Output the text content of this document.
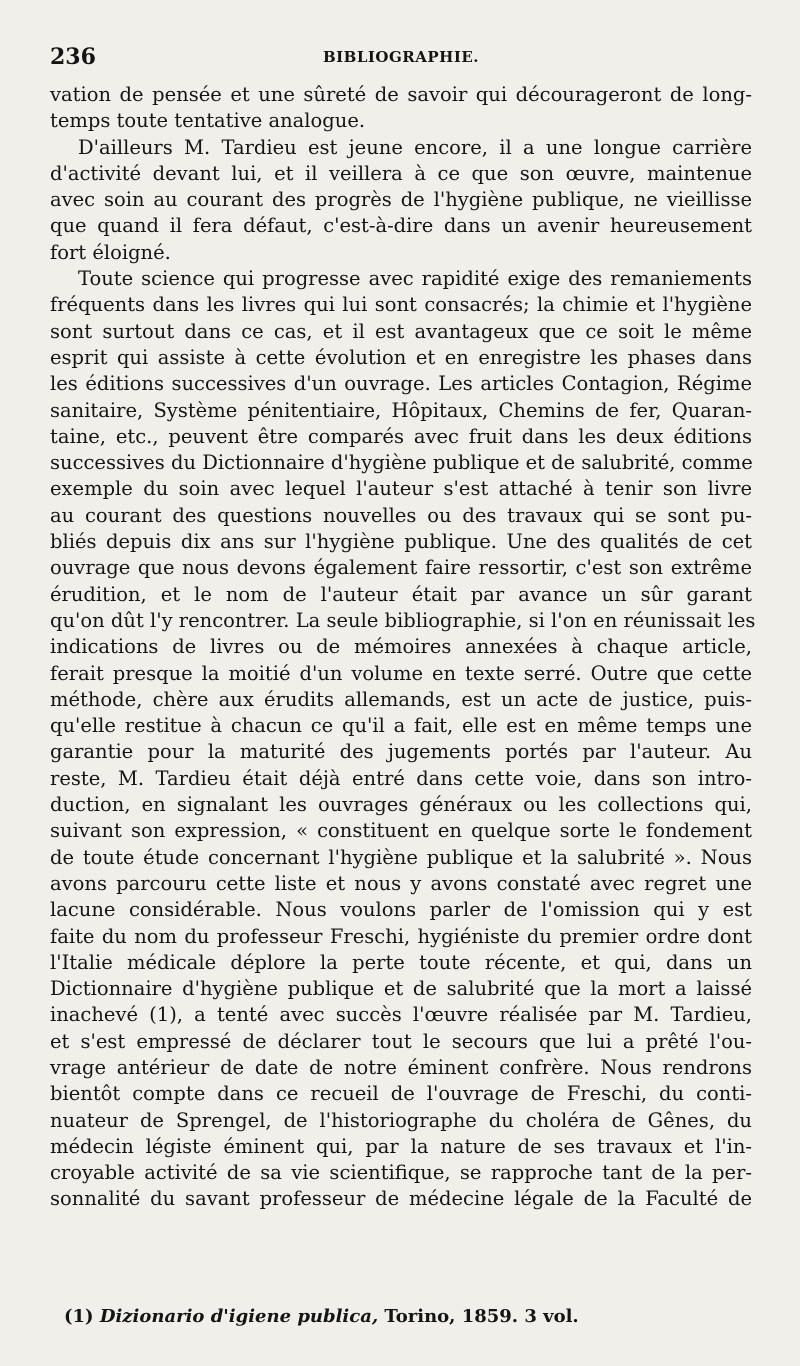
236	BIBLIOGRAPHIE.
vation de pensée et une sûreté de savoir qui décourageront de long-
temps toute tentative analogue.
D'ailleurs M. Tardieu est jeune encore, il a une longue carrière
d'activité devant lui, et il veillera à ce que son œuvre, maintenue
avec soin au courant des progrès de l'hygiène publique, ne vieillisse
que quand il fera défaut, c'est-à-dire dans un avenir heureusement
fort éloigné.
Toute science qui progresse avec rapidité exige des remaniements
fréquents dans les livres qui lui sont consacrés; la chimie et l'hygiène
sont surtout dans ce cas, et il est avantageux que ce soit le même
esprit qui assiste à cette évolution et en enregistre les phases dans
les éditions successives d'un ouvrage. Les articles Contagion, Régime
sanitaire, Système pénitentiaire, Hôpitaux, Chemins de fer, Quaran-
taine, etc., peuvent être comparés avec fruit dans les deux éditions
successives du Dictionnaire d'hygiène publique et de salubrité, comme
exemple du soin avec lequel l'auteur s'est attaché à tenir son livre
au courant des questions nouvelles ou des travaux qui se sont pu-
bliés depuis dix ans sur l'hygiène publique. Une des qualités de cet
ouvrage que nous devons également faire ressortir, c'est son extrême
érudition, et le nom de l'auteur était par avance un sûr garant
qu'on dût l'y rencontrer. La seule bibliographie, si l'on en réunissait les
indications de livres ou de mémoires annexées à chaque article,
ferait presque la moitié d'un volume en texte serré. Outre que cette
méthode, chère aux érudits allemands, est un acte de justice, puis-
qu'elle restitue à chacun ce qu'il a fait, elle est en même temps une
garantie pour la maturité des jugements portés par l'auteur. Au
reste, M. Tardieu était déjà entré dans cette voie, dans son intro-
duction, en signalant les ouvrages généraux ou les collections qui,
suivant son expression, « constituent en quelque sorte le fondement
de toute étude concernant l'hygiène publique et la salubrité ». Nous
avons parcouru cette liste et nous y avons constaté avec regret une
lacune considérable. Nous voulons parler de l'omission qui y est
faite du nom du professeur Freschi, hygiéniste du premier ordre dont
l'Italie médicale déplore la perte toute récente, et qui, dans un
Dictionnaire d'hygiène publique et de salubrité que la mort a laissé
inachevé (1), a tenté avec succès l'œuvre réalisée par M. Tardieu,
et s'est empressé de déclarer tout le secours que lui a prêté l'ou-
vrage antérieur de date de notre éminent confrère. Nous rendrons
bientôt compte dans ce recueil de l'ouvrage de Freschi, du conti-
nuateur de Sprengel, de l'historiographe du choléra de Gênes, du
médecin légiste éminent qui, par la nature de ses travaux et l'in-
croyable activité de sa vie scientifique, se rapproche tant de la per-
sonnalité du savant professeur de médecine légale de la Faculté de
(1) Dizionario d'igiene publica, Torino, 1859. 3 vol.
